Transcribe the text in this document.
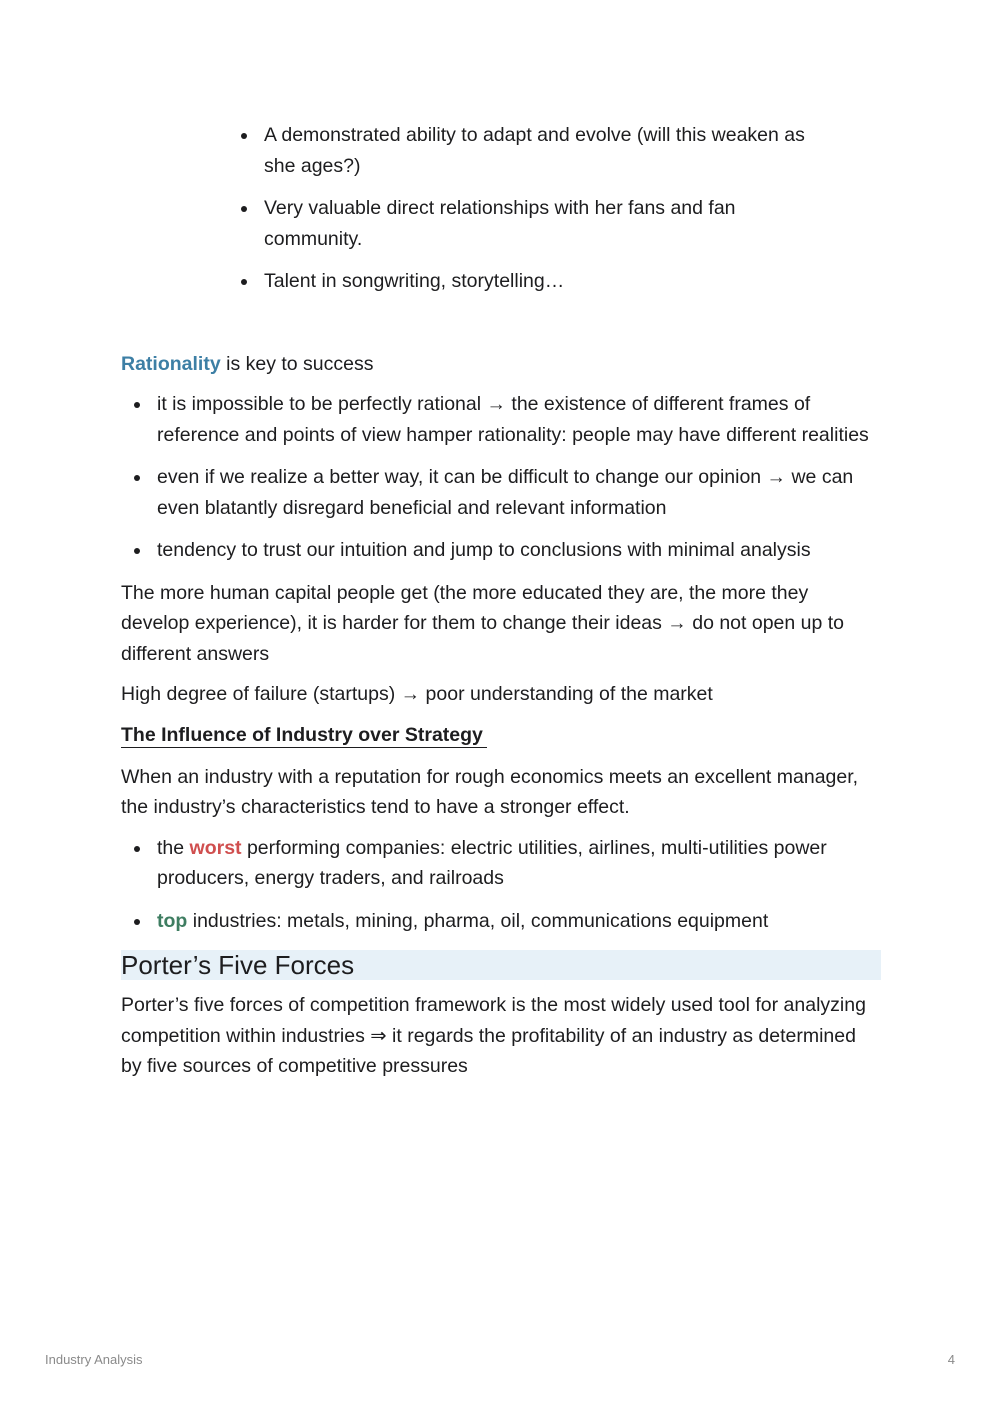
A demonstrated ability to adapt and evolve (will this weaken as she ages?)
Very valuable direct relationships with her fans and fan community.
Talent in songwriting, storytelling…

Rationality is key to success

it is impossible to be perfectly rational → the existence of different frames of reference and points of view hamper rationality: people may have different realities
even if we realize a better way, it can be difficult to change our opinion → we can even blatantly disregard beneficial and relevant information
tendency to trust our intuition and jump to conclusions with minimal analysis

The more human capital people get (the more educated they are, the more they develop experience), it is harder for them to change their ideas → do not open up to different answers

High degree of failure (startups) → poor understanding of the market

The Influence of Industry over Strategy

When an industry with a reputation for rough economics meets an excellent manager, the industry’s characteristics tend to have a stronger effect.

the worst performing companies: electric utilities, airlines, multi-utilities power producers, energy traders, and railroads
top industries: metals, mining, pharma, oil, communications equipment
Porter’s Five Forces

Porter’s five forces of competition framework is the most widely used tool for analyzing competition within industries ⇒ it regards the profitability of an industry as determined by five sources of competitive pressures

Industry Analysis	4
